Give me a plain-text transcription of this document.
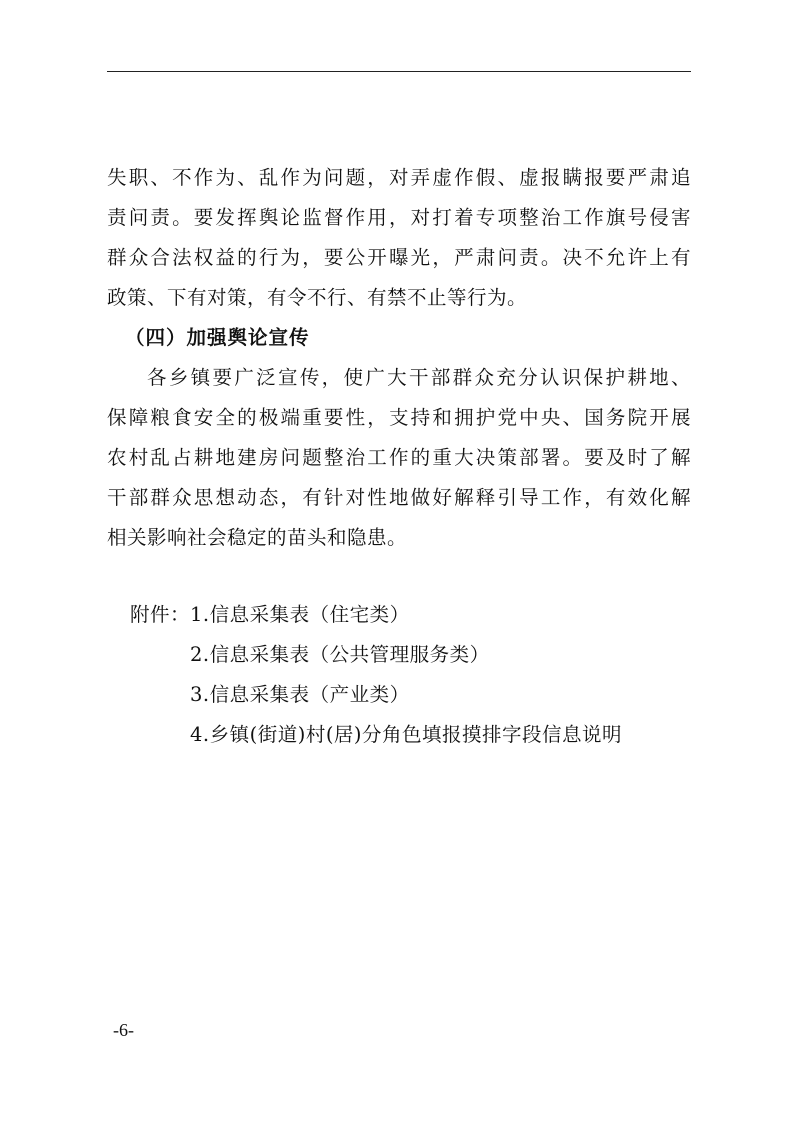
失职、不作为、乱作为问题，对弄虚作假、虚报瞒报要严肃追
责问责。要发挥舆论监督作用，对打着专项整治工作旗号侵害
群众合法权益的行为，要公开曝光，严肃问责。决不允许上有
政策、下有对策，有令不行、有禁不止等行为。
（四）加强舆论宣传
各乡镇要广泛宣传，使广大干部群众充分认识保护耕地、
保障粮食安全的极端重要性，支持和拥护党中央、国务院开展
农村乱占耕地建房问题整治工作的重大决策部署。要及时了解
干部群众思想动态，有针对性地做好解释引导工作，有效化解
相关影响社会稳定的苗头和隐患。
附件： 1.信息采集表（住宅类）
2.信息采集表（公共管理服务类）
3.信息采集表（产业类）
4.乡镇(街道)村(居)分角色填报摸排字段信息说明
-6-
